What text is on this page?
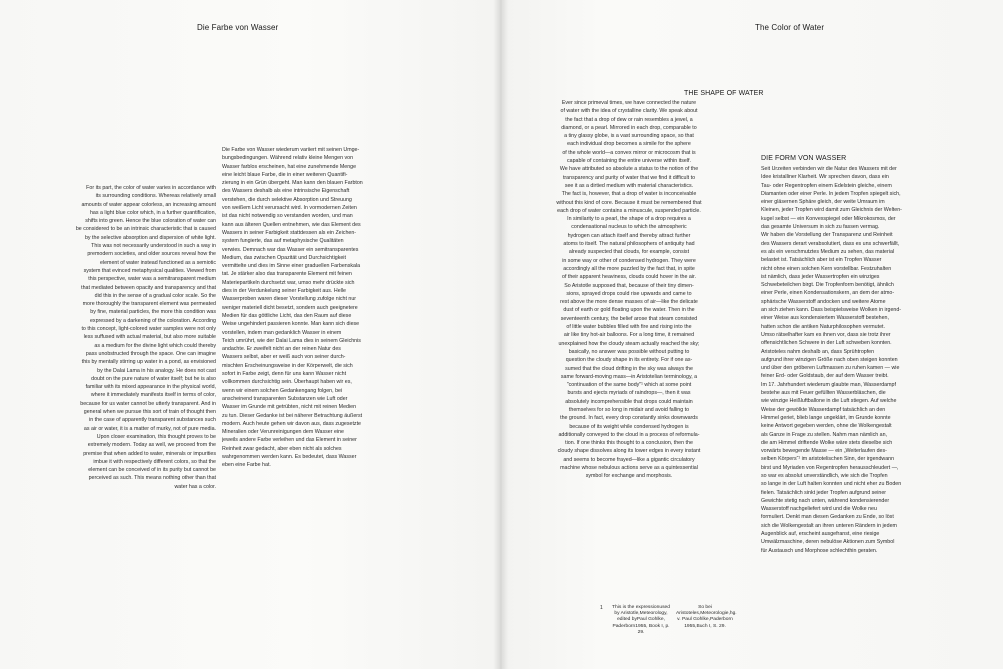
Die Farbe von Wasser
For its part, the color of water varies in accordance with
its surrounding conditions. Whereas relatively small
amounts of water appear colorless, an increasing amount
has a light blue color which, in a further quantification,
shifts into green. Hence the blue coloration of water can
be considered to be an intrinsic characteristic that is caused
by the selective absorption and dispersion of white light.
This was not necessarily understood in such a way in
premodern societies, and older sources reveal how the
element of water instead functioned as a semiotic
system that evinced metaphysical qualities. Viewed from
this perspective, water was a semitransparent medium
that mediated between opacity and transparency and that
did this in the sense of a gradual color scale. So the
more thoroughly the transparent element was permeated
by fine, material particles, the more this condition was
expressed by a darkening of the coloration. According
to this concept, light-colored water samples were not only
less suffused with actual material, but also more suitable
as a medium for the divine light which could thereby
pass unobstructed through the space. One can imagine
this by mentally stirring up water in a pond, as envisioned
by the Dalai Lama in his analogy. He does not cast
doubt on the pure nature of water itself; but he is also
familiar with its mixed appearance in the physical world,
where it immediately manifests itself in terms of color,
because for us water cannot be utterly transparent. And in
general when we pursue this sort of train of thought then
in the case of apparently transparent substances such
as air or water, it is a matter of murky, not of pure media.
Upon closer examination, this thought proves to be
extremely modern. Today as well, we proceed from the
premise that when added to water, minerals or impurities
imbue it with respectively different colors, so that the
element can be conceived of in its purity but cannot be
perceived as such. This means nothing other than that
water has a color.
Die Farbe von Wasser wiederum variiert mit seinen Umge-
bungsbedingungen. Während relativ kleine Mengen von
Wasser farblos erscheinen, hat eine zunehmende Menge
eine leicht blaue Farbe, die in einer weiteren Quantifi-
zierung in ein Grün übergeht. Man kann den blauen Farbton
des Wassers deshalb als eine intrinsische Eigenschaft
verstehen, die durch selektive Absorption und Streuung
von weißem Licht verursacht wird. In vormodernen Zeiten
ist das nicht notwendig so verstanden worden, und man
kann aus älteren Quellen entnehmen, wie das Element des
Wassers in seiner Farbigkeit stattdessen als ein Zeichen-
system fungierte, das auf metaphysische Qualitäten
verwies. Demnach war das Wasser ein semitransparentes
Medium, das zwischen Opazität und Durchsichtigkeit
vermittelte und dies im Sinne einer graduellen Farbenskala
tat. Je stärker also das transparente Element mit feinen
Materiepartikeln durchsetzt war, umso mehr drückte sich
dies in der Verdunkelung seiner Farbigkeit aus. Helle
Wasserproben waren dieser Vorstellung zufolge nicht nur
weniger materiell dicht besetzt, sondern auch geeignetere
Medien für das göttliche Licht, das den Raum auf diese
Weise ungehindert passieren konnte. Man kann sich diese
vorstellen, indem man gedanklich Wasser in einem
Teich umrührt, wie der Dalai Lama dies in seinem Gleichnis
andachte. Er zweifelt nicht an der reinen Natur des
Wassers selbst, aber er weiß auch von seiner durch-
mischten Erscheinungsweise in der Körperwelt, die sich
sofort in Farbe zeigt, denn für uns kann Wasser nicht
vollkommen durchsichtig sein. Überhaupt haben wir es,
wenn wir einem solchen Gedankengang folgen, bei
anscheinend transparenten Substanzen wie Luft oder
Wasser im Grunde mit getrübten, nicht mit reinen Medien
zu tun. Dieser Gedanke ist bei näherer Betrachtung äußerst
modern. Auch heute gehen wir davon aus, dass zugesetzte
Mineralien oder Verunreinigungen dem Wasser eine
jeweils andere Farbe verleihen und das Element in seiner
Reinheit zwar gedacht, aber eben nicht als solches
wahrgenommen werden kann. Es bedeutet, dass Wasser
eben eine Farbe hat.
The Color of Water
THE SHAPE OF WATER
Ever since primeval times, we have connected the nature
of water with the idea of crystalline clarity. We speak about
the fact that a drop of dew or rain resembles a jewel, a
diamond, or a pearl. Mirrored in each drop, comparable to
a tiny glassy globe, is a vast surrounding space, so that
each individual drop becomes a simile for the sphere
of the whole world—a convex mirror or microcosm that is
capable of containing the entire universe within itself.
We have attributed so absolute a status to the notion of the
transparency and purity of water that we find it difficult to
see it as a dirtied medium with material characteristics.
The fact is, however, that a drop of water is inconceivable
without this kind of core. Because it must be remembered that
each drop of water contains a minuscule, suspended particle.
In similarity to a pearl, the shape of a drop requires a
condensational nucleus to which the atmospheric
hydrogen can attach itself and thereby attract further
atoms to itself. The natural philosophers of antiquity had
already suspected that clouds, for example, consist
in some way or other of condensed hydrogen. They were
accordingly all the more puzzled by the fact that, in spite
of their apparent heaviness, clouds could hover in the air.
So Aristotle supposed that, because of their tiny dimen-
sions, sprayed drops could rise upwards and came to
rest above the more dense masses of air—like the delicate
dust of earth or gold floating upon the water. Then in the
seventeenth century, the belief arose that steam consisted
of little water bubbles filled with fire and rising into the
air like tiny hot-air balloons. For a long time, it remained
unexplained how the cloudy steam actually reached the sky;
basically, no answer was possible without putting to
question the cloudy shape in its entirety. For if one as-
sumed that the cloud drifting in the sky was always the
same forward-moving mass—in Aristotelian terminology, a
"continuation of the same body"¹ which at some point
bursts and ejects myriads of raindrops—, then it was
absolutely incomprehensible that drops could maintain
themselves for so long in midair and avoid falling to
the ground. In fact, every drop constantly sinks downwards
because of its weight while condensed hydrogen is
additionally conveyed to the cloud in a process of reformula-
tion. If one thinks this thought to a conclusion, then the
cloudy shape dissolves along its lower edges in every instant
and seems to become frayed—like a gigantic circulatory
machine whose nebulous actions serve as a quintessential
symbol for exchange and morphosis.
DIE FORM VON WASSER
Seit Urzeiten verbinden wir die Natur des Wassers mit der
Idee kristalliner Klarheit. Wir sprechen davon, dass ein
Tau- oder Regentropfen einem Edelstein gleiche, einem
Diamanten oder einer Perle. In jedem Tropfen spiegelt sich,
einer gläsernen Sphäre gleich, der weite Umraum im
Kleinen, jeder Tropfen wird damit zum Gleichnis der Welten-
kugel selbst — ein Konvexspiegel oder Mikrokosmos, der
das gesamte Universum in sich zu fassen vermag.
Wir haben die Vorstellung der Transparenz und Reinheit
des Wassers derart verabsolutiert, dass es uns schwerfällt,
es als ein verschmutztes Medium zu sehen, das material
belastet ist. Tatsächlich aber ist ein Tropfen Wasser
nicht ohne einen solchen Kern vorstellbar. Festzuhalten
ist nämlich, dass jeder Wassertropfen ein winziges
Schwebeteilchen birgt. Die Tropfenform benötigt, ähnlich
einer Perle, einen Kondensationskern, an dem der atmo-
sphärische Wasserstoff andocken und weitere Atome
an sich ziehen kann. Dass beispielsweise Wolken in irgend-
einer Weise aus kondensiertem Wasserstoff bestehen,
hatten schon die antiken Naturphilosophen vermutet.
Umso rätselhafter kam es ihnen vor, dass sie trotz ihrer
offensichtlichen Schwere in der Luft schweben konnten.
Aristoteles nahm deshalb an, dass Sprühtropfen
aufgrund ihrer winzigen Größe nach oben steigen konnten
und über den gröberen Luftmassen zu ruhen kamen — wie
feiner Erd- oder Goldstaub, der auf dem Wasser treibt.
Im 17. Jahrhundert wiederum glaubte man, Wasserdampf
bestehe aus mit Feuer gefüllten Wasserbläschen, die
wie winzige Heißluftballone in die Luft stiegen. Auf welche
Weise der gewölkte Wasserdampf tatsächlich an den
Himmel geriet, blieb lange ungeklärt, im Grunde konnte
keine Antwort gegeben werden, ohne die Wolkengestalt
als Ganze in Frage zu stellen. Nahm man nämlich an,
die am Himmel driftende Wolke wäre stets dieselbe sich
vorwärts bewegende Masse — ein „Weiterlaufen des-
selben Körpers“¹ im aristotelischen Sinn, der irgendwann
birst und Myriaden von Regentropfen herausschleudert —,
so war es absolut unverständlich, wie sich die Tropfen
so lange in der Luft halten konnten und nicht eher zu Boden
fielen. Tatsächlich sinkt jeder Tropfen aufgrund seiner
Gewichte stetig nach unten, während kondensierender
Wasserstoff nachgeliefert wird und die Wolke neu
formuliert. Denkt man diesen Gedanken zu Ende, so löst
sich die Wolkengestalt an ihren unteren Rändern in jedem
Augenblick auf, erscheint ausgefranst, eine riesige
Umwälzmaschine, deren nebulöse Aktionen zum Symbol
für Austausch und Morphose schlechthin geraten.
1 This is the expressionused by Aristotle,Meteorology, edited byPaul Gohlke, Paderborn1955, Book I, p. 29.
So bei Aristoteles,Meteorologie,hg. v. Paul Gohlke,Paderborn 1955,Buch I, S. 29.
